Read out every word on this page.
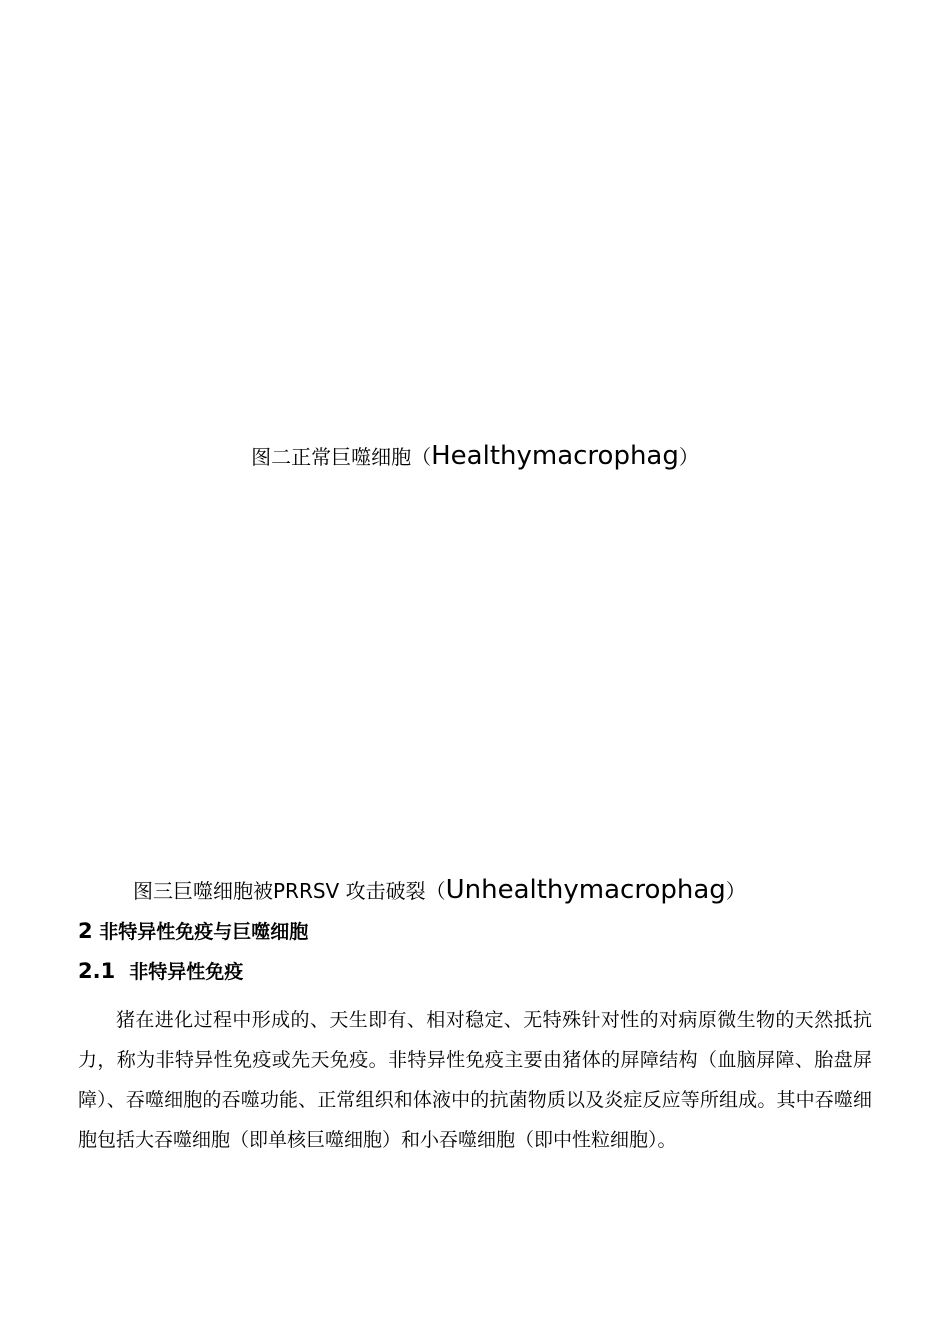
图二正常巨噬细胞（Healthymacrophag）
图三巨噬细胞被PRRSV 攻击破裂（Unhealthymacrophag）
2 非特异性免疫与巨噬细胞
2.1 非特异性免疫

猪在进化过程中形成的、天生即有、相对稳定、无特殊针对性的对病原微生物的天然抵抗力，称为非特异性免疫或先天免疫。非特异性免疫主要由猪体的屏障结构（血脑屏障、胎盘屏障）、吞噬细胞的吞噬功能、正常组织和体液中的抗菌物质以及炎症反应等所组成。其中吞噬细胞包括大吞噬细胞（即单核巨噬细胞）和小吞噬细胞（即中性粒细胞）。
